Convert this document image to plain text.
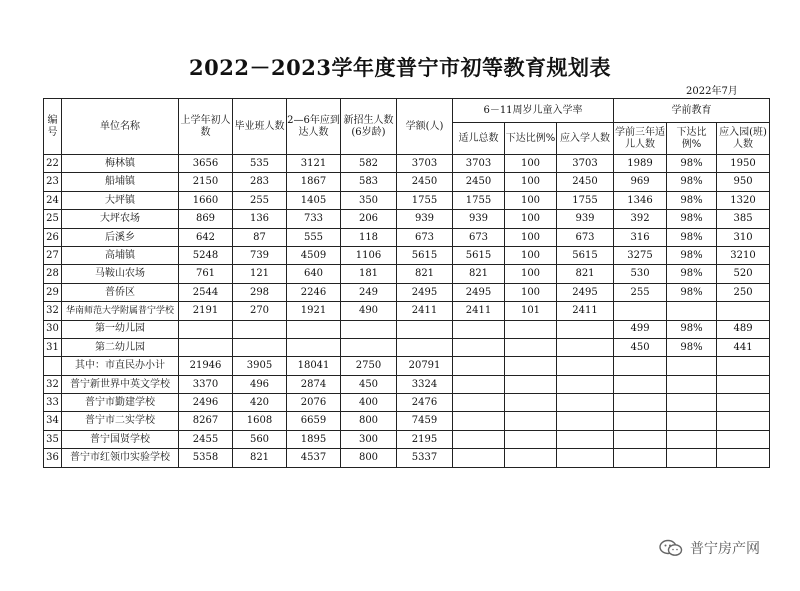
2022－2023学年度普宁市初等教育规划表
2022年7月
编号	单位名称	上学年初人数	毕业班人数	2—6年应到达人数	新招生人数(6岁龄)	学额(人)	6－11周岁儿童入学率			学前教育		
							适儿总数	下达比例%	应入学人数	学前三年适儿人数	下达比例%	应入园(班)人数
22	梅林镇	3656	535	3121	582	3703	3703	100	3703	1989	98%	1950
23	船埔镇	2150	283	1867	583	2450	2450	100	2450	969	98%	950
24	大坪镇	1660	255	1405	350	1755	1755	100	1755	1346	98%	1320
25	大坪农场	869	136	733	206	939	939	100	939	392	98%	385
26	后溪乡	642	87	555	118	673	673	100	673	316	98%	310
27	高埔镇	5248	739	4509	1106	5615	5615	100	5615	3275	98%	3210
28	马鞍山农场	761	121	640	181	821	821	100	821	530	98%	520
29	普侨区	2544	298	2246	249	2495	2495	100	2495	255	98%	250
32	华南师范大学附属普宁学校	2191	270	1921	490	2411	2411	101	2411			
30	第一幼儿园									499	98%	489
31	第二幼儿园									450	98%	441
	其中：市直民办小计	21946	3905	18041	2750	20791						
32	普宁新世界中英文学校	3370	496	2874	450	3324						
33	普宁市勤建学校	2496	420	2076	400	2476						
34	普宁市二实学校	8267	1608	6659	800	7459						
35	普宁国贤学校	2455	560	1895	300	2195						
36	普宁市红领巾实验学校	5358	821	4537	800	5337						
普宁房产网
